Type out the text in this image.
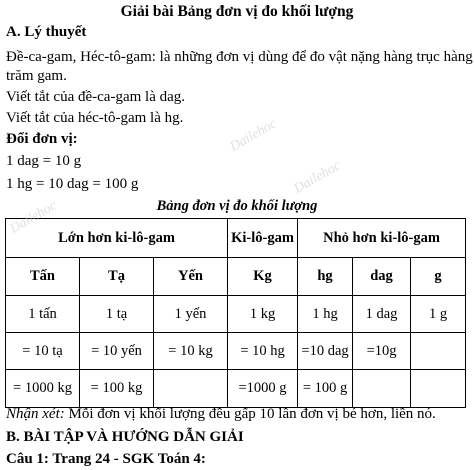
Giải bài Bảng đơn vị đo khối lượng
A. Lý thuyết
Đề-ca-gam, Héc-tô-gam: là những đơn vị dùng để đo vật nặng hàng trục hàng
trăm gam.
Viết tắt của đề-ca-gam là dag.
Viết tắt của héc-tô-gam là hg.
Đổi đơn vị:
1 dag = 10 g
1 hg = 10 dag = 100 g
Bảng đơn vị đo khối lượng
Lớn hơn ki-lô-gam			Ki-lô-gam	Nhỏ hơn ki-lô-gam		
Tấn	Tạ	Yến	Kg	hg	dag	g
1 tấn	1 tạ	1 yến	1 kg	1 hg	1 dag	1 g
= 10 tạ	= 10 yến	= 10 kg	= 10 hg	=10 dag	=10g	
= 1000 kg	= 100 kg		=1000 g	= 100 g		
Nhận xét: Mỗi đơn vị khối lượng đều gấp 10 lần đơn vị bé hơn, liền nó.
B. BÀI TẬP VÀ HƯỚNG DẪN GIẢI
Câu 1: Trang 24 - SGK Toán 4:
Dailehoc
Dailehoc
Dailehoc
